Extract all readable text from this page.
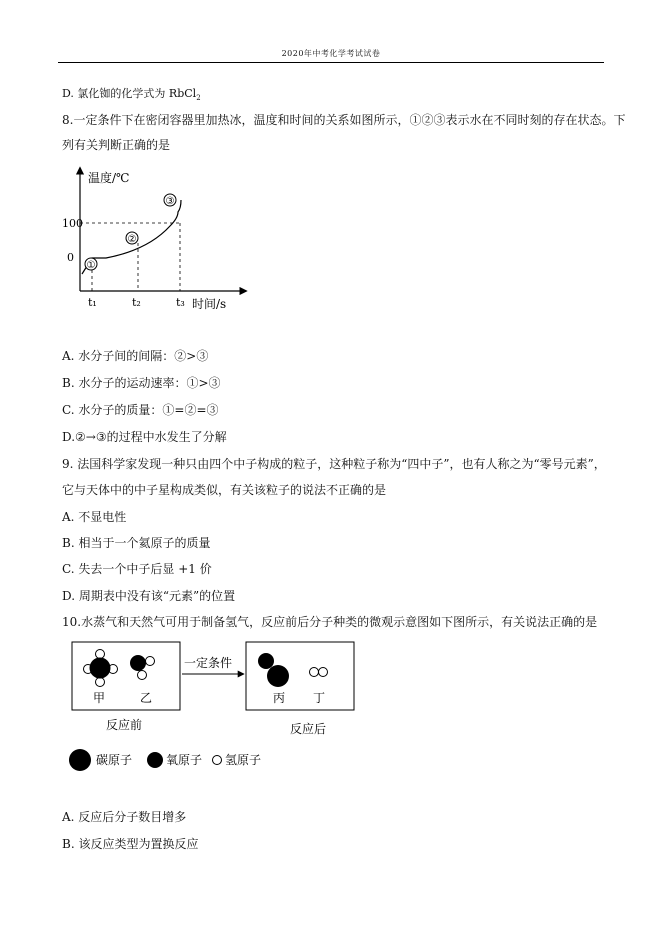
2020年中考化学考试试卷
D. 氯化铷的化学式为 RbCl$_2$
8.一定条件下在密闭容器里加热冰，温度和时间的关系如图所示，①②③表示水在不同时刻的存在状态。下
列有关判断正确的是
温度/℃
时间/s
100
0
t₁	t₂	t₃
①
②
③
A. 水分子间的间隔：②>③
B. 水分子的运动速率：①>③
C. 水分子的质量：①=②=③
D.②→③的过程中水发生了分解
9. 法国科学家发现一种只由四个中子构成的粒子，这种粒子称为“四中子”，也有人称之为“零号元素”，
它与天体中的中子星构成类似，有关该粒子的说法不正确的是
A. 不显电性
B. 相当于一个氦原子的质量
C. 失去一个中子后显 +1 价
D. 周期表中没有该“元素”的位置
10.水蒸气和天然气可用于制备氢气，反应前后分子种类的微观示意图如下图所示，有关说法正确的是
甲	乙
反应前
一定条件
丙 丁
反应后
碳原子	氧原子 氢原子
A. 反应后分子数目增多
B. 该反应类型为置换反应
